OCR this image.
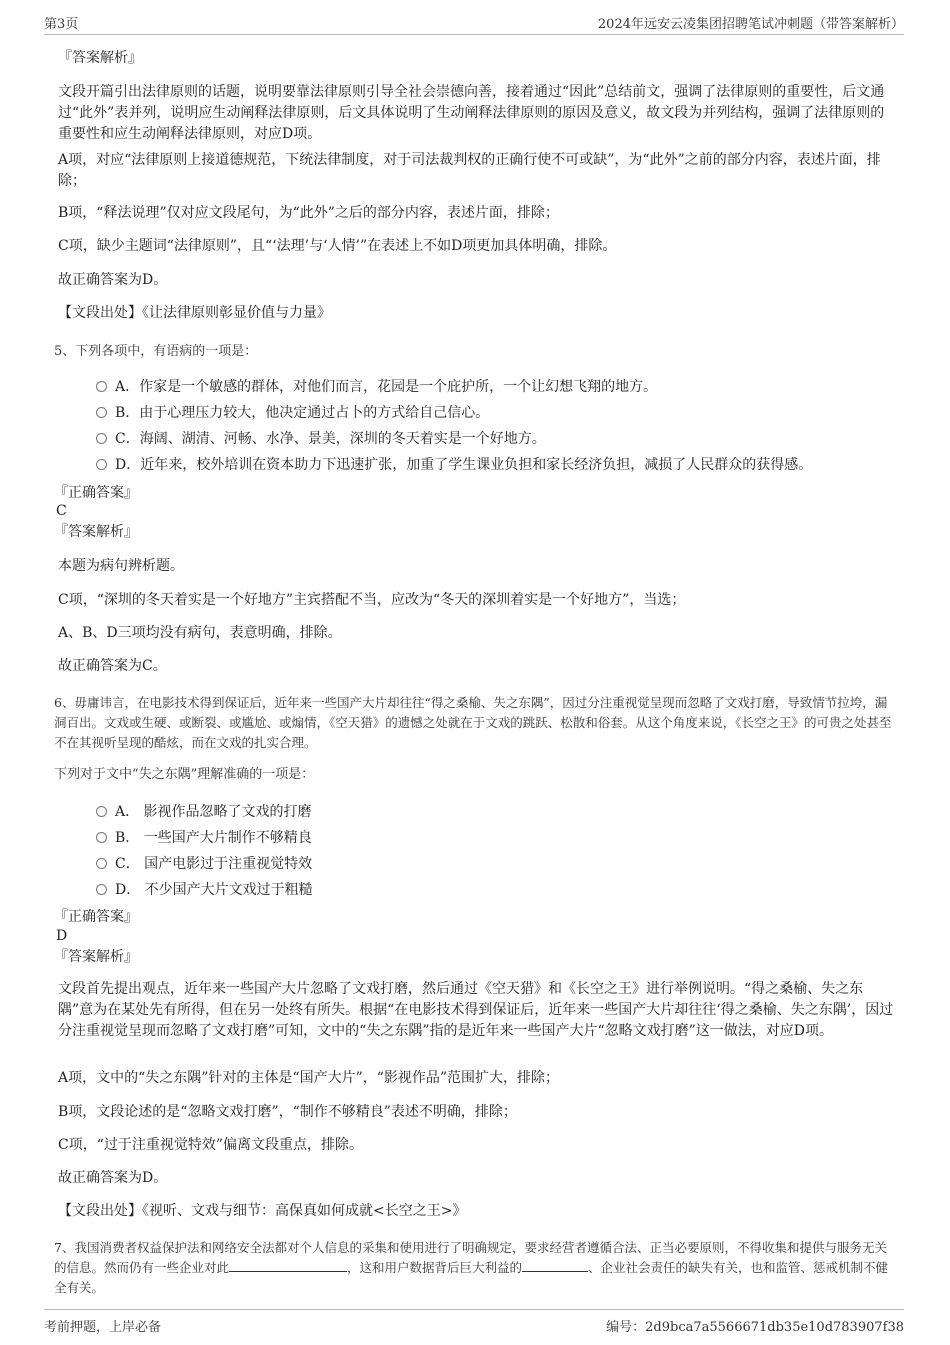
第3页	2024年远安云凌集团招聘笔试冲刺题（带答案解析）
『答案解析』
文段开篇引出法律原则的话题，说明要靠法律原则引导全社会崇德向善，接着通过“因此”总结前文，强调了法律原则的重要性，后文通过“此外”表并列，说明应生动阐释法律原则，后文具体说明了生动阐释法律原则的原因及意义，故文段为并列结构，强调了法律原则的重要性和应生动阐释法律原则，对应D项。
A项，对应“法律原则上接道德规范，下统法律制度，对于司法裁判权的正确行使不可或缺”，为“此外”之前的部分内容，表述片面，排除；
B项，“释法说理”仅对应文段尾句，为“此外”之后的部分内容，表述片面，排除；
C项，缺少主题词“法律原则”，且“‘法理’与‘人情’”在表述上不如D项更加具体明确，排除。
故正确答案为D。
【文段出处】《让法律原则彰显价值与力量》
5、下列各项中，有语病的一项是：
A．作家是一个敏感的群体，对他们而言，花园是一个庇护所，一个让幻想飞翔的地方。
B．由于心理压力较大，他决定通过占卜的方式给自己信心。
C．海阔、湖清、河畅、水净、景美，深圳的冬天着实是一个好地方。
D．近年来，校外培训在资本助力下迅速扩张，加重了学生课业负担和家长经济负担，减损了人民群众的获得感。
『正确答案』
C
『答案解析』
本题为病句辨析题。
C项，“深圳的冬天着实是一个好地方”主宾搭配不当，应改为“冬天的深圳着实是一个好地方”，当选；
A、B、D三项均没有病句，表意明确，排除。
故正确答案为C。
6、毋庸讳言，在电影技术得到保证后，近年来一些国产大片却往往“得之桑榆、失之东隅”，因过分注重视觉呈现而忽略了文戏打磨，导致情节拉垮，漏洞百出。文戏或生硬、或断裂、或尴尬、或煽情，《空天猎》的遗憾之处就在于文戏的跳跃、松散和俗套。从这个角度来说，《长空之王》的可贵之处甚至不在其视听呈现的酷炫，而在文戏的扎实合理。
下列对于文中“失之东隅”理解准确的一项是：
A． 影视作品忽略了文戏的打磨
B． 一些国产大片制作不够精良
C． 国产电影过于注重视觉特效
D． 不少国产大片文戏过于粗糙
『正确答案』
D
『答案解析』
文段首先提出观点，近年来一些国产大片忽略了文戏打磨，然后通过《空天猎》和《长空之王》进行举例说明。“得之桑榆、失之东隅”意为在某处先有所得，但在另一处终有所失。根据“在电影技术得到保证后，近年来一些国产大片却往往‘得之桑榆、失之东隅’，因过分注重视觉呈现而忽略了文戏打磨”可知，文中的“失之东隅”指的是近年来一些国产大片“忽略文戏打磨”这一做法，对应D项。
A项，文中的“失之东隅”针对的主体是“国产大片”，“影视作品”范围扩大，排除；
B项，文段论述的是“忽略文戏打磨”，“制作不够精良”表述不明确，排除；
C项，“过于注重视觉特效”偏离文段重点，排除。
故正确答案为D。
【文段出处】《视听、文戏与细节：高保真如何成就<长空之王>》
7、我国消费者权益保护法和网络安全法都对个人信息的采集和使用进行了明确规定，要求经营者遵循合法、正当必要原则，不得收集和提供与服务无关的信息。然而仍有一些企业对此	，这和用户数据背后巨大利益的	、企业社会责任的缺失有关，也和监管、惩戒机制不健全有关。
考前押题，上岸必备	编号：2d9bca7a5566671db35e10d783907f38
